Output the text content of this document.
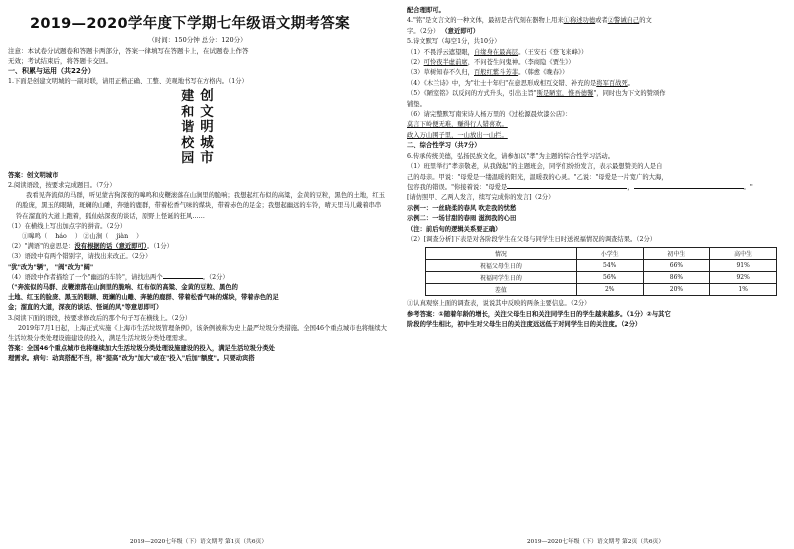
2019—2020学年度下学期七年级语文期考答案
（时间：150分钟 总分：120分）

注意：本试卷分试题卷和答题卡两部分，答案一律填写在答题卡上，在试题卷上作答

无效；考试结束后，将答题卡交回。

一、积累与运用（共22分）

1.下面是创建文明城的一副对联，请用正楷正确、工整、美观地书写在方格内。（1分）

建
和
谐
校
园
创
文
明
城
市

答案：创文明城市

2.阅读语段，按要求完成题目。（7分）

我看见奔流似的马群，听见蒙古狗深夜的嗥鸣和皮鞭滚落在山涧里的脆响；我想起红布似的高粱，金黄的豆粒，黑色的土地，红玉的脸庞，黑玉的眼睛，斑斓的山雕，奔驰的鹿群，带着松香气味的煤块，带着赤色的足金；我想起幽远的车铃，晴天里马儿戴着串串铃在溜直的大道上跑着，狐仙姑深夜的谈话，原野上怪诞的狂风……

（1）在横线上写出加点字的拼音。（2分）

①嗥鸣（ háo ） ②山涧（ jiàn ）

（2）"满语"的意思是：没有根据的话（意近即可）。（1分）

（3）语段中有两个错别字，请找出来改正。（2分）

"犹"改为"辆"， "阀"改为"阔"

（4）语段中作者描绘了一个"幽远的车铃"，请找出两个	。（2分）

（"奔流似的马群、皮鞭滚落在山涧里的脆响、红布似的高粱、金黄的豆粒、黑色的

土地、红玉的脸庞、黑玉的眼睛、斑斓的山雕、奔驰的鹿群、带着松香气味的煤块，带着赤色的足

金；溜直的大道，深夜的谈话、怪诞的风"等意思即可）

3.阅读下面的语段，按要求修改后的那个句子写在横线上。（2分）

2019年7月1日起，上海正式实施《上海市生活垃圾管理条例》，该条例被称为史上最严垃圾分类措施。全国46个重点城市也将继续大生活垃圾分类处理设施建设的投入，满足生活垃圾分类处理需求。

答案：全国46个重点城市也将继续加大生活垃圾分类处理设施建设的投入，满足生活垃圾分类处

理需求。病句：动宾搭配不当，将"提高"改为"加大"或在"投入"后加"额度"。只要动宾搭

2019—2020七年级（下）语文期考 第1页（共6页）

配合理即可。

4."铭"是文言文的一种文体，最初是古代刻在器物上用来①称述功德或者②警诫自己的文

字。（2分） （意近即可）

5.诗文默写（每空1分，共10分）

（1）不畏浮云遮望眼，自缘身在最高层。（王安石《登飞来峰》）

（2）可怜夜半虚前席，不问苍生问鬼神。（李商隐《贾生》）

（3）草树知春不久归，百般红紫斗芳菲。（韩愈《晚春》）

（4）《木兰诗》中，为"壮士十年归"在意思形成相互交错、补充的是将军百战死。

（5）《陋室铭》以反问的方式升头，引出主旨"斯是陋室，惟吾德馨"，同时也为下文的赞颂作

铺垫。

（6）请完整默写南宋诗人杨万里的《过松源晨炊漆公店》：

莫言下岭便无难，赚得行人错喜欢。

政入万山围子里，一山放出一山拦。

二、综合性学习（共7分）

6.传承传统美德，弘扬民族文化，请参加以"孝"为主题的综合性学习活动。

（1）班里举行"孝亲敬老，从我做起"的主题班会，同学们纷纷发言，表示最想赞美的人是自

己的母亲。甲说："母爱是一缕温暖的阳光，温暖我的心灵。"乙说："母爱是一片宽广的大海，

包容我的错误。"你接着说："母爱是	，	。"

[请仿照甲、乙两人发言，续写完成你的发言]（2分）

示例一：一丝晓柔的春风 吹走我的忧愁

示例二：一场甘甜的春雨 滋润我的心田

（注：前后句的逻辑关系要正确）

（2）[调查分析]下表是对各阶段学生在父母与同学生日时送祝福情况的调查结果。（2分）

情况	小学生	初中生	高中生
祝福父母生日的	54%	66%	91%
祝福同学生日的	56%	86%	92%
差值	2%	20%	1%

①认真观察上面的调查表，说说其中反映的两条主要信息。（2分）

参考答案：①随着年龄的增长，关注父母生日和关注同学生日的学生越来越多。（1分）②与其它

阶段的学生相比，初中生对父母生日的关注度远远低于对同学生日的关注度。（2分）

2019—2020七年级（下）语文期考 第2页（共6页）
